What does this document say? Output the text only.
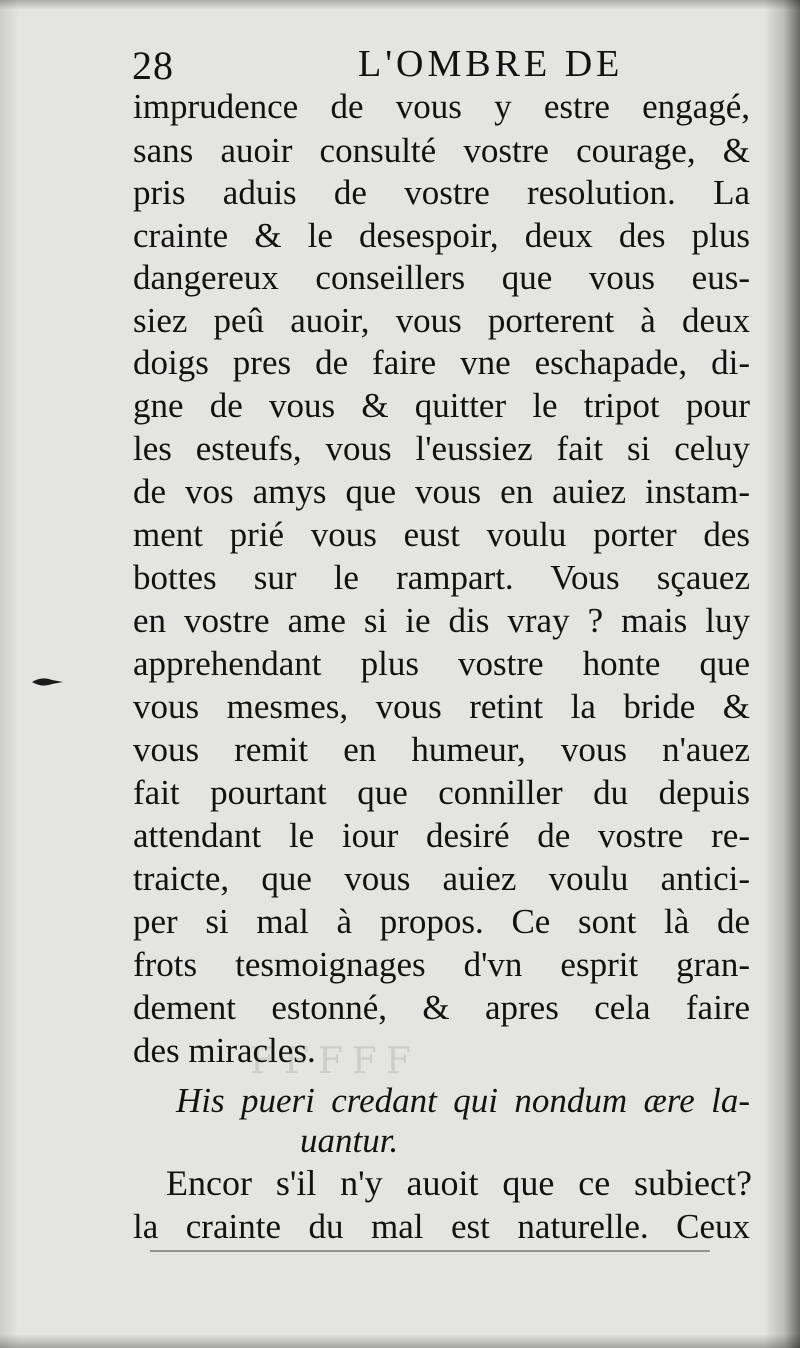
ꟻ ꟻ ꟻ ꟻ ꟻ
28	L'OMBRE DE
imprudence de vous y estre engagé,
sans auoir consulté vostre courage, &
pris aduis de vostre resolution. La
crainte & le desespoir, deux des plus
dangereux conseillers que vous eus-
siez peû auoir, vous porterent à deux
doigs pres de faire vne eschapade, di-
gne de vous & quitter le tripot pour
les esteufs, vous l'eussiez fait si celuy
de vos amys que vous en auiez instam-
ment prié vous eust voulu porter des
bottes sur le rampart. Vous sçauez
en vostre ame si ie dis vray ? mais luy
apprehendant plus vostre honte que
vous mesmes, vous retint la bride &
vous remit en humeur, vous n'auez
fait pourtant que conniller du depuis
attendant le iour desiré de vostre re-
traicte, que vous auiez voulu antici-
per si mal à propos. Ce sont là de
frots tesmoignages d'vn esprit gran-
dement estonné, & apres cela faire
des miracles.
His pueri credant qui nondum ære la-
uantur.
Encor s'il n'y auoit que ce subiect?
la crainte du mal est naturelle. Ceux
